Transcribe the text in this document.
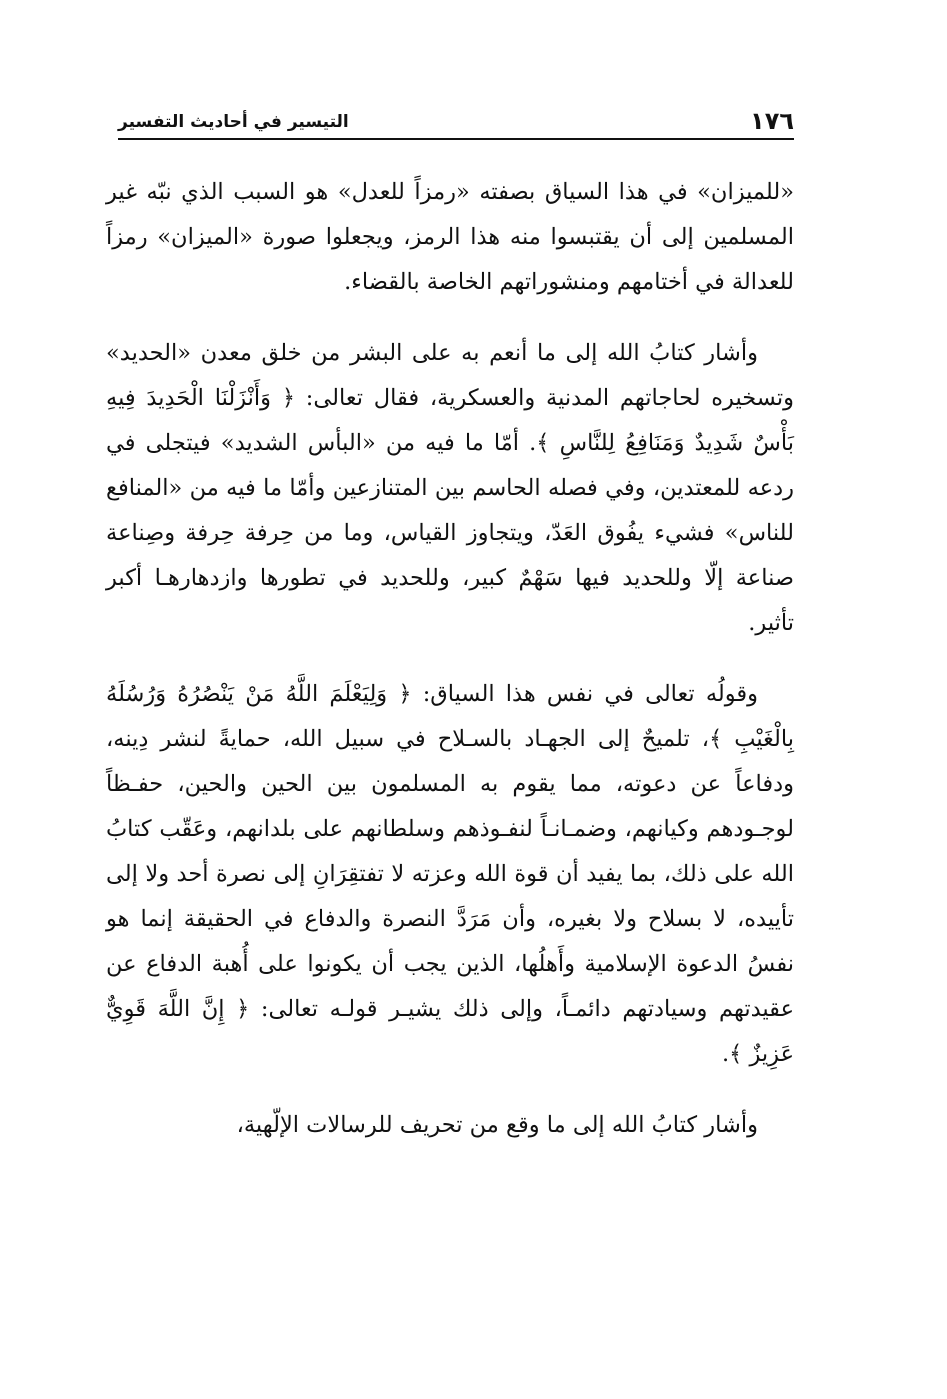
١٧٦
التيسير في أحاديث التفسير

«للميزان» في هذا السياق بصفته «رمزاً للعدل» هو السبب الذي نبّه غير المسلمين إلى أن يقتبسوا منه هذا الرمز، ويجعلوا صورة «الميزان» رمزاً للعدالة في أختامهم ومنشوراتهم الخاصة بالقضاء.

وأشار كتابُ الله إلى ما أنعم به على البشر من خلق معدن «الحديد» وتسخيره لحاجاتهم المدنية والعسكرية، فقال تعالى: ﴿ وَأَنْزَلْنَا الْحَدِيدَ فِيهِ بَأْسٌ شَدِيدٌ وَمَنَافِعُ لِلنَّاسِ ﴾. أمّا ما فيه من «البأس الشديد» فيتجلى في ردعه للمعتدين، وفي فصله الحاسم بين المتنازعين وأمّا ما فيه من «المنافع للناس» فشيء يفُوق العَدّ، ويتجاوز القياس، وما من حِرفة حِرفة وصِناعة صناعة إلّا وللحديد فيها سَهْمٌ كبير، وللحديد في تطورها وازدهارهـا أكبر تأثير.

وقولُه تعالى في نفس هذا السياق: ﴿ وَلِيَعْلَمَ اللَّهُ مَنْ يَنْصُرُهُ وَرُسُلَهُ بِالْغَيْبِ ﴾، تلميحٌ إلى الجهـاد بالسـلاح في سبيل الله، حمايةً لنشر دِينه، ودفاعاً عن دعوته، مما يقوم به المسلمون بين الحين والحين، حفـظاً لوجـودهم وكيانهم، وضمـانـاً لنفـوذهم وسلطانهم على بلدانهم، وعَقّب كتابُ الله على ذلك، بما يفيد أن قوة الله وعزته لا تفتقِرَانِ إلى نصرة أحد ولا إلى تأييده، لا بسلاح ولا بغيره، وأن مَرَدَّ النصرة والدفاع في الحقيقة إنما هو نفسُ الدعوة الإسلامية وأَهلُها، الذين يجب أن يكونوا على أُهبة الدفاع عن عقيدتهم وسيادتهم دائمـاً، وإلى ذلك يشيـر قولـه تعالى: ﴿ إِنَّ اللَّهَ قَوِيٌّ عَزِيزٌ ﴾.

وأشار كتابُ الله إلى ما وقع من تحريف للرسالات الإلّهية،
